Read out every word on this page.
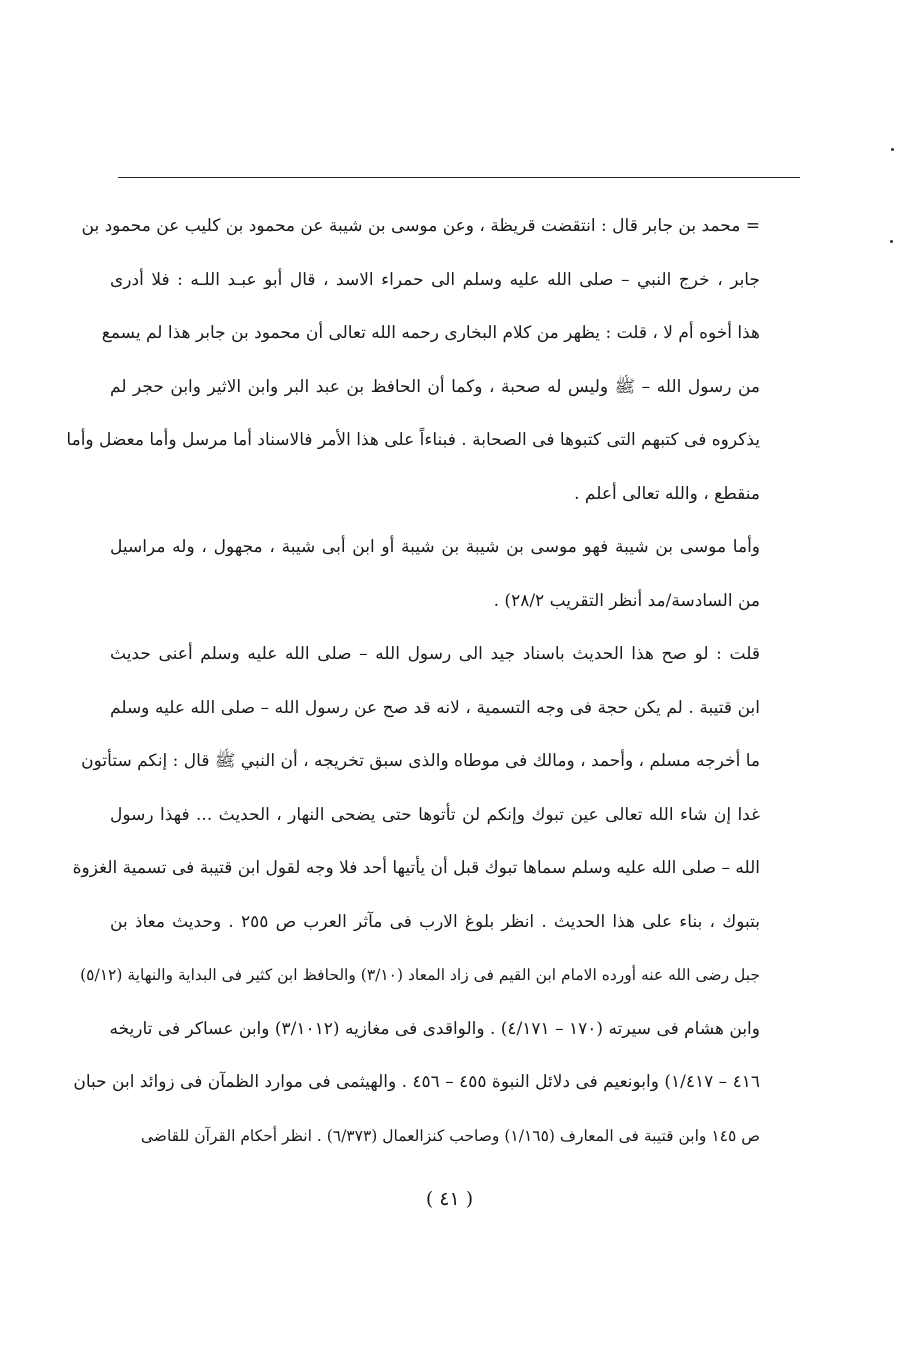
= محمد بن جابر قال : انتقضت قريظة ، وعن موسى بن شيبة عن محمود بن كليب عن محمود بن
جابر ، خرج النبي – صلى الله عليه وسلم الى حمراء الاسد ، قال أبو عبـد اللـه : فلا أدرى
هذا أخوه أم لا ، قلت : يظهر من كلام البخارى رحمه الله تعالى أن محمود بن جابر هذا لم يسمع
من رسول الله – ﷺ وليس له صحبة ، وكما أن الحافظ بن عبد البر وابن الاثير وابن حجر لم
يذكروه فى كتبهم التى كتبوها فى الصحابة . فبناءاً على هذا الأمر فالاسناد أما مرسل وأما معضل وأما
منقطع ، والله تعالى أعلم .
وأما موسى بن شيبة فهو موسى بن شيبة بن شيبة أو ابن أبى شيبة ، مجهول ، وله مراسيل
من السادسة/مد أنظر التقريب ٢٨/٢) .
قلت : لو صح هذا الحديث باسناد جيد الى رسول الله – صلى الله عليه وسلم أعنى حديث
ابن قتيبة . لم يكن حجة فى وجه التسمية ، لانه قد صح عن رسول الله – صلى الله عليه وسلم
ما أخرجه مسلم ، وأحمد ، ومالك فى موطاه والذى سبق تخريجه ، أن النبي ﷺ قال : إنكم ستأتون
غدا إن شاء الله تعالى عين تبوك وإنكم لن تأتوها حتى يضحى النهار ، الحديث ... فهذا رسول
الله – صلى الله عليه وسلم سماها تبوك قبل أن يأتيها أحد فلا وجه لقول ابن قتيبة فى تسمية الغزوة
بتبوك ، بناء على هذا الحديث . انظر بلوغ الارب فى مآثر العرب ص ٢٥٥ . وحديث معاذ بن
جبل رضى الله عنه أورده الامام ابن القيم فى زاد المعاد (٣/١٠) والحافظ ابن كثير فى البداية والنهاية (٥/١٢)
وابن هشام فى سيرته (١٧٠ – ٤/١٧١) . والواقدى فى مغازيه (٣/١٠١٢) وابن عساكر فى تاريخه
٤١٦ – ١/٤١٧) وابونعيم فى دلائل النبوة ٤٥٥ – ٤٥٦ . والهيثمى فى موارد الظمآن فى زوائد ابن حبان
ص ١٤٥ وابن قتيبة فى المعارف (١/١٦٥) وصاحب كنزالعمال (٦/٣٧٣) . انظر أحكام القرآن للقاضى
( ٤١ )
